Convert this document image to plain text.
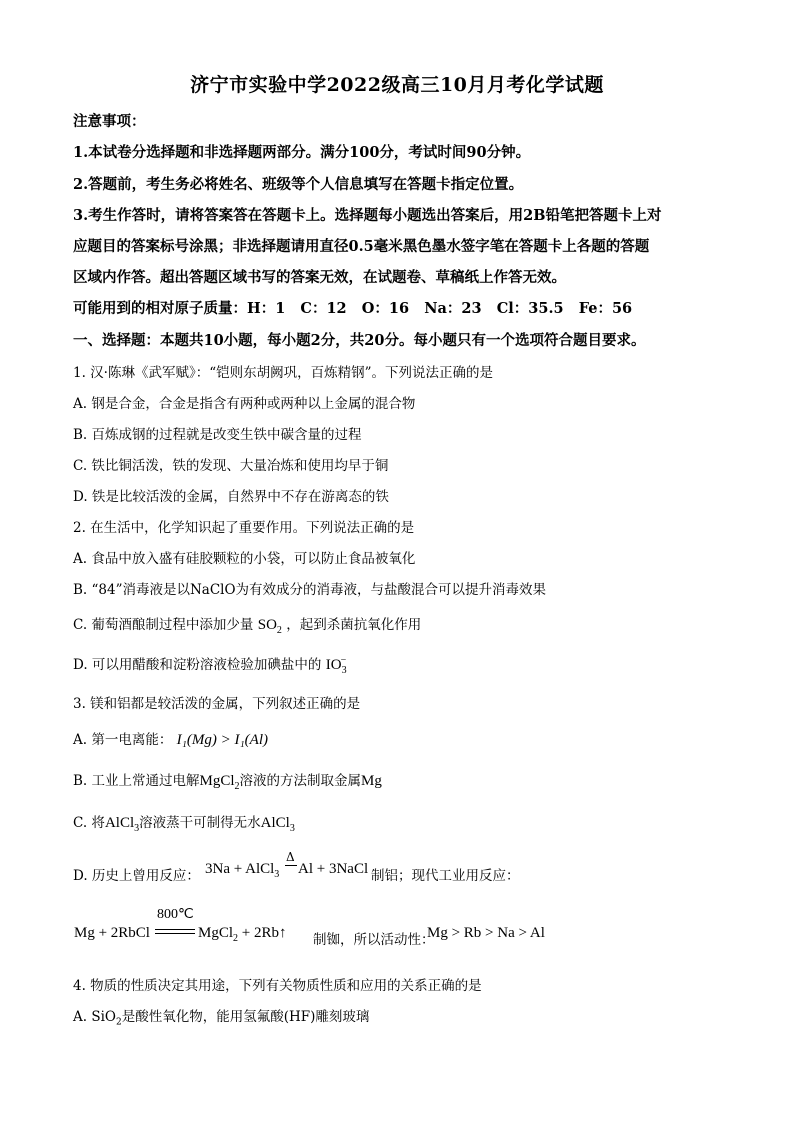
济宁市实验中学2022级高三10月月考化学试题
注意事项：
1.本试卷分选择题和非选择题两部分。满分100分，考试时间90分钟。
2.答题前，考生务必将姓名、班级等个人信息填写在答题卡指定位置。
3.考生作答时，请将答案答在答题卡上。选择题每小题选出答案后，用2B铅笔把答题卡上对
应题目的答案标号涂黑；非选择题请用直径0.5毫米黑色墨水签字笔在答题卡上各题的答题
区域内作答。超出答题区域书写的答案无效，在试题卷、草稿纸上作答无效。
可能用到的相对原子质量：H：1   C：12   O：16   Na：23   Cl：35.5   Fe：56
一、选择题：本题共10小题，每小题2分，共20分。每小题只有一个选项符合题目要求。
1. 汉·陈琳《武军赋》：“铠则东胡阙巩，百炼精钢”。下列说法正确的是
A. 钢是合金，合金是指含有两种或两种以上金属的混合物
B. 百炼成钢的过程就是改变生铁中碳含量的过程
C. 铁比铜活泼，铁的发现、大量冶炼和使用均早于铜
D. 铁是比较活泼的金属，自然界中不存在游离态的铁
2. 在生活中，化学知识起了重要作用。下列说法正确的是
A. 食品中放入盛有硅胶颗粒的小袋，可以防止食品被氧化
B. “84”消毒液是以NaClO为有效成分的消毒液，与盐酸混合可以提升消毒效果
C. 葡萄酒酿制过程中添加少量 $SO_2$ ，起到杀菌抗氧化作用
D. 可以用醋酸和淀粉溶液检验加碘盐中的 $IO_3^-$
3. 镁和铝都是较活泼的金属，下列叙述正确的是
A. 第一电离能： I₁(Mg) > I₁(Al)
B. 工业上常通过电解MgCl$_2$溶液的方法制取金属Mg
C. 将AlCl$_3$溶液蒸干可制得无水AlCl$_3$
D. 历史上曾用反应： 3Na + AlCl$_3$
Δ
Al + 3NaCl 制铝；现代工业用反应：
Mg + 2RbCl
800℃
MgCl$_2$ + 2Rb↑ 制铷，所以活动性：
Mg > Rb > Na > Al
4. 物质的性质决定其用途，下列有关物质性质和应用的关系正确的是
A. SiO$_2$是酸性氧化物，能用氢氟酸(HF)雕刻玻璃
